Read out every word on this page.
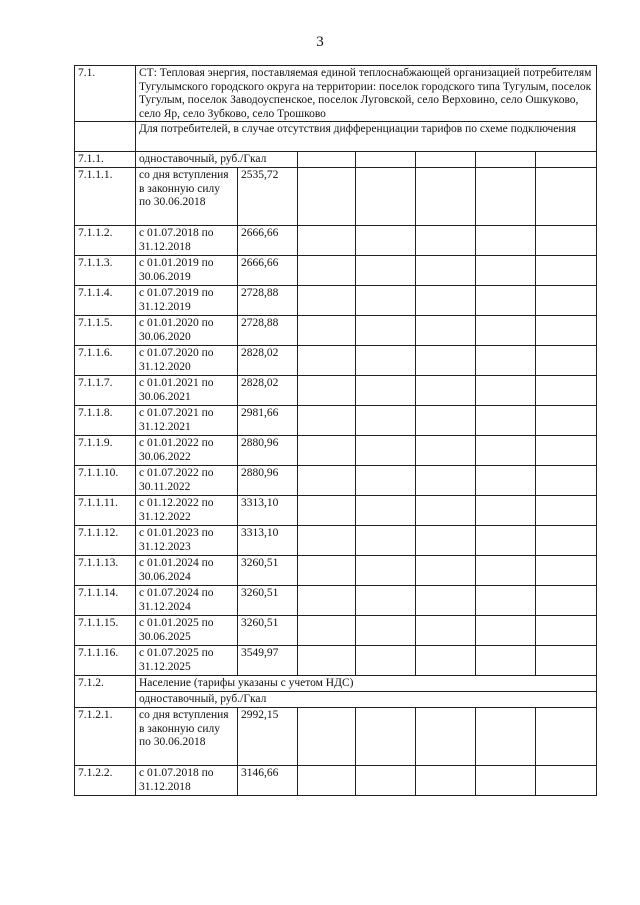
3
7.1.	СТ: Тепловая энергия, поставляемая единой теплоснабжающей организацией потребителям Тугулымского городского округа на территории: поселок городского типа Тугулым, поселок Тугулым, поселок Заводоуспенское, поселок Луговской, село Верховино, село Ошкуково, село Яр, село Зубково, село Трошково						
	Для потребителей, в случае отсутствия дифференциации тарифов по схеме подключения						
7.1.1.	одноставочный, руб./Гкал						
7.1.1.1.	со дня вступления в законную силу по 30.06.2018	2535,72					
7.1.1.2.	с 01.07.2018 по 31.12.2018	2666,66					
7.1.1.3.	с 01.01.2019 по 30.06.2019	2666,66					
7.1.1.4.	с 01.07.2019 по 31.12.2019	2728,88					
7.1.1.5.	с 01.01.2020 по 30.06.2020	2728,88					
7.1.1.6.	с 01.07.2020 по 31.12.2020	2828,02					
7.1.1.7.	с 01.01.2021 по 30.06.2021	2828,02					
7.1.1.8.	с 01.07.2021 по 31.12.2021	2981,66					
7.1.1.9.	с 01.01.2022 по 30.06.2022	2880,96					
7.1.1.10.	с 01.07.2022 по 30.11.2022	2880,96					
7.1.1.11.	с 01.12.2022 по 31.12.2022	3313,10					
7.1.1.12.	с 01.01.2023 по 31.12.2023	3313,10					
7.1.1.13.	с 01.01.2024 по 30.06.2024	3260,51					
7.1.1.14.	с 01.07.2024 по 31.12.2024	3260,51					
7.1.1.15.	с 01.01.2025 по 30.06.2025	3260,51					
7.1.1.16.	с 01.07.2025 по 31.12.2025	3549,97					
7.1.2.	Население (тарифы указаны с учетом НДС)						
	одноставочный, руб./Гкал						
7.1.2.1.	со дня вступления в законную силу по 30.06.2018	2992,15					
7.1.2.2.	с 01.07.2018 по 31.12.2018	3146,66					
